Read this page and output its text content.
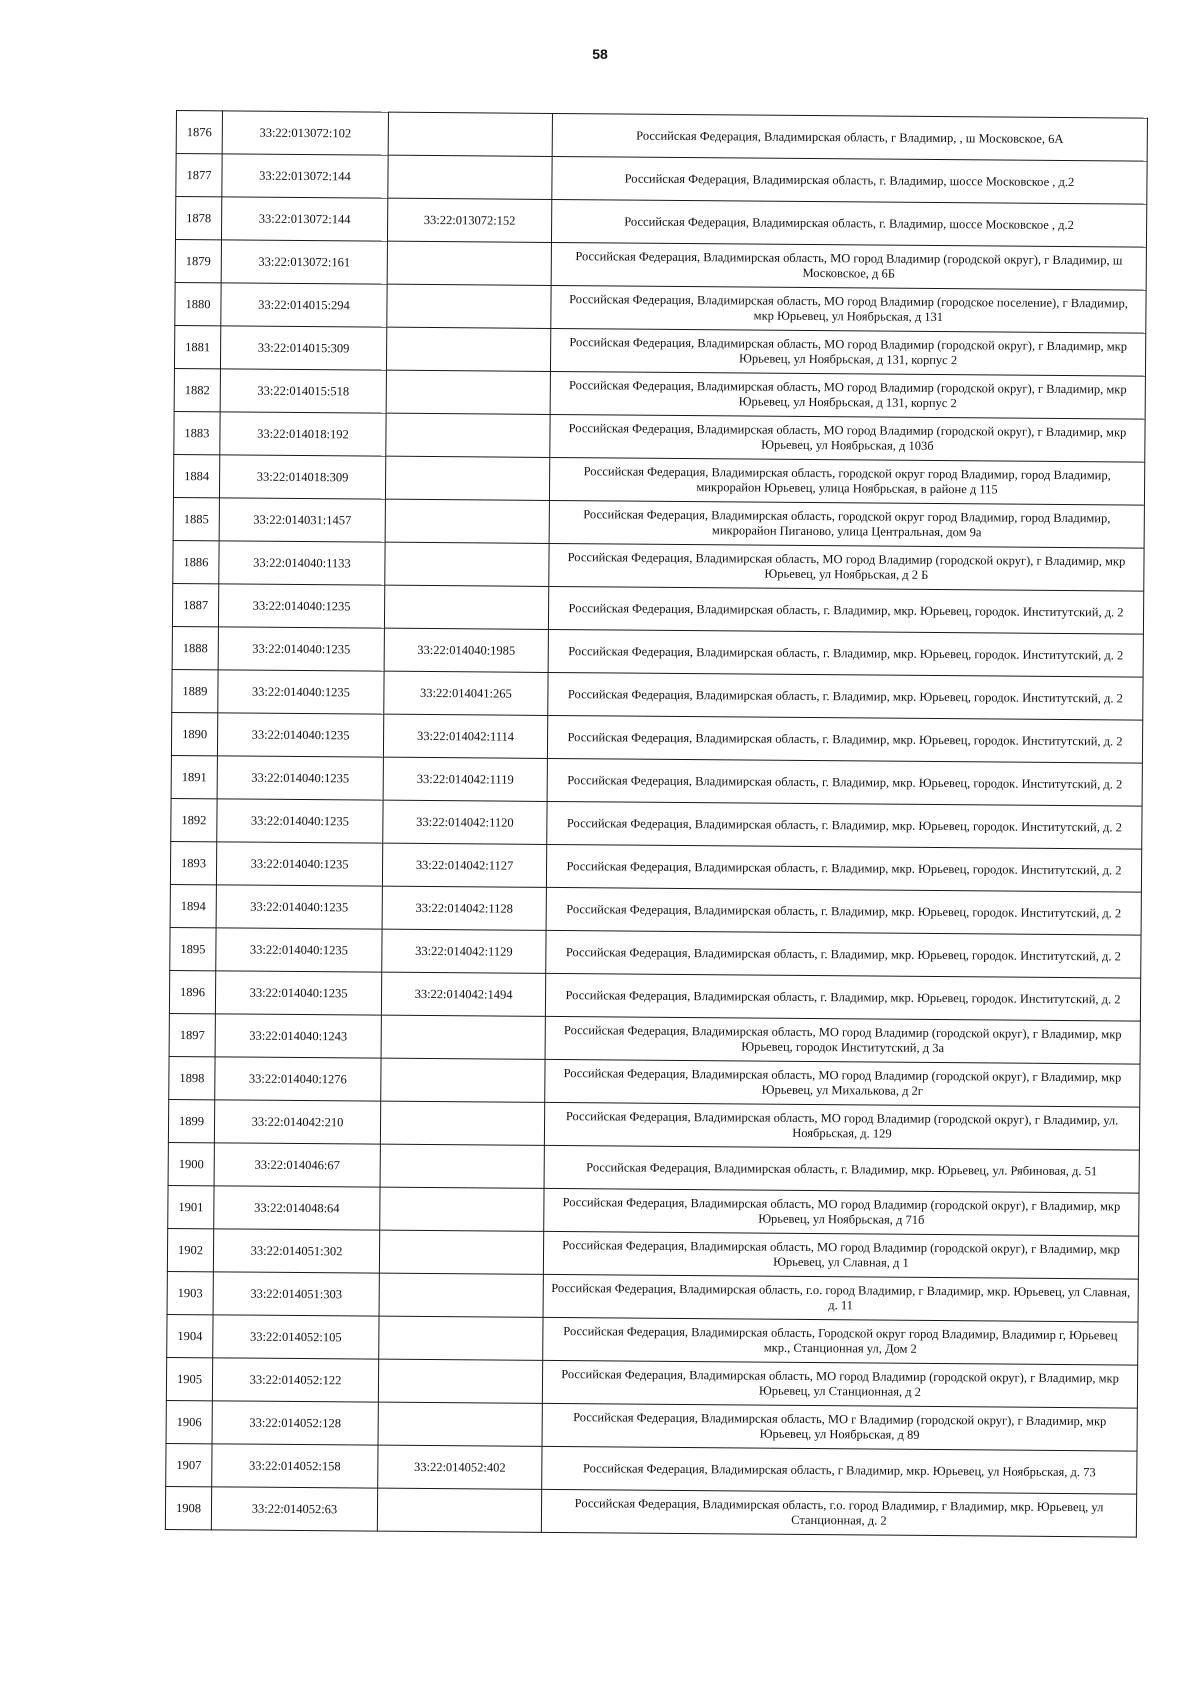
58
1876	33:22:013072:102		Российская Федерация, Владимирская область, г Владимир, , ш Московское, 6А
1877	33:22:013072:144		Российская Федерация, Владимирская область, г. Владимир, шоссе Московское , д.2
1878	33:22:013072:144	33:22:013072:152	Российская Федерация, Владимирская область, г. Владимир, шоссе Московское , д.2
1879	33:22:013072:161		Российская Федерация, Владимирская область, МО город Владимир (городской округ), г Владимир, ш Московское, д 6Б
1880	33:22:014015:294		Российская Федерация, Владимирская область, МО город Владимир (городское поселение), г Владимир, мкр Юрьевец, ул Ноябрьская, д 131
1881	33:22:014015:309		Российская Федерация, Владимирская область, МО город Владимир (городской округ), г Владимир, мкр Юрьевец, ул Ноябрьская, д 131, корпус 2
1882	33:22:014015:518		Российская Федерация, Владимирская область, МО город Владимир (городской округ), г Владимир, мкр Юрьевец, ул Ноябрьская, д 131, корпус 2
1883	33:22:014018:192		Российская Федерация, Владимирская область, МО город Владимир (городской округ), г Владимир, мкр Юрьевец, ул Ноябрьская, д 103б
1884	33:22:014018:309		Российская Федерация, Владимирская область, городской округ город Владимир, город Владимир, микрорайон Юрьевец, улица Ноябрьская, в районе д 115
1885	33:22:014031:1457		Российская Федерация, Владимирская область, городской округ город Владимир, город Владимир, микрорайон Пиганово, улица Центральная, дом 9а
1886	33:22:014040:1133		Российская Федерация, Владимирская область, МО город Владимир (городской округ), г Владимир, мкр Юрьевец, ул Ноябрьская, д 2 Б
1887	33:22:014040:1235		Российская Федерация, Владимирская область, г. Владимир, мкр. Юрьевец, городок. Институтский, д. 2
1888	33:22:014040:1235	33:22:014040:1985	Российская Федерация, Владимирская область, г. Владимир, мкр. Юрьевец, городок. Институтский, д. 2
1889	33:22:014040:1235	33:22:014041:265	Российская Федерация, Владимирская область, г. Владимир, мкр. Юрьевец, городок. Институтский, д. 2
1890	33:22:014040:1235	33:22:014042:1114	Российская Федерация, Владимирская область, г. Владимир, мкр. Юрьевец, городок. Институтский, д. 2
1891	33:22:014040:1235	33:22:014042:1119	Российская Федерация, Владимирская область, г. Владимир, мкр. Юрьевец, городок. Институтский, д. 2
1892	33:22:014040:1235	33:22:014042:1120	Российская Федерация, Владимирская область, г. Владимир, мкр. Юрьевец, городок. Институтский, д. 2
1893	33:22:014040:1235	33:22:014042:1127	Российская Федерация, Владимирская область, г. Владимир, мкр. Юрьевец, городок. Институтский, д. 2
1894	33:22:014040:1235	33:22:014042:1128	Российская Федерация, Владимирская область, г. Владимир, мкр. Юрьевец, городок. Институтский, д. 2
1895	33:22:014040:1235	33:22:014042:1129	Российская Федерация, Владимирская область, г. Владимир, мкр. Юрьевец, городок. Институтский, д. 2
1896	33:22:014040:1235	33:22:014042:1494	Российская Федерация, Владимирская область, г. Владимир, мкр. Юрьевец, городок. Институтский, д. 2
1897	33:22:014040:1243		Российская Федерация, Владимирская область, МО город Владимир (городской округ), г Владимир, мкр Юрьевец, городок Институтский, д 3а
1898	33:22:014040:1276		Российская Федерация, Владимирская область, МО город Владимир (городской округ), г Владимир, мкр Юрьевец, ул Михалькова, д 2г
1899	33:22:014042:210		Российская Федерация, Владимирская область, МО город Владимир (городской округ), г Владимир, ул. Ноябрьская, д. 129
1900	33:22:014046:67		Российская Федерация, Владимирская область, г. Владимир, мкр. Юрьевец, ул. Рябиновая, д. 51
1901	33:22:014048:64		Российская Федерация, Владимирская область, МО город Владимир (городской округ), г Владимир, мкр Юрьевец, ул Ноябрьская, д 71б
1902	33:22:014051:302		Российская Федерация, Владимирская область, МО город Владимир (городской округ), г Владимир, мкр Юрьевец, ул Славная, д 1
1903	33:22:014051:303		Российская Федерация, Владимирская область, г.о. город Владимир, г Владимир, мкр. Юрьевец, ул Славная, д. 11
1904	33:22:014052:105		Российская Федерация, Владимирская область, Городской округ город Владимир, Владимир г, Юрьевец мкр., Станционная ул, Дом 2
1905	33:22:014052:122		Российская Федерация, Владимирская область, МО город Владимир (городской округ), г Владимир, мкр Юрьевец, ул Станционная, д 2
1906	33:22:014052:128		Российская Федерация, Владимирская область, МО г Владимир (городской округ), г Владимир, мкр Юрьевец, ул Ноябрьская, д 89
1907	33:22:014052:158	33:22:014052:402	Российская Федерация, Владимирская область, г Владимир, мкр. Юрьевец, ул Ноябрьская, д. 73
1908	33:22:014052:63		Российская Федерация, Владимирская область, г.о. город Владимир, г Владимир, мкр. Юрьевец, ул Станционная, д. 2
